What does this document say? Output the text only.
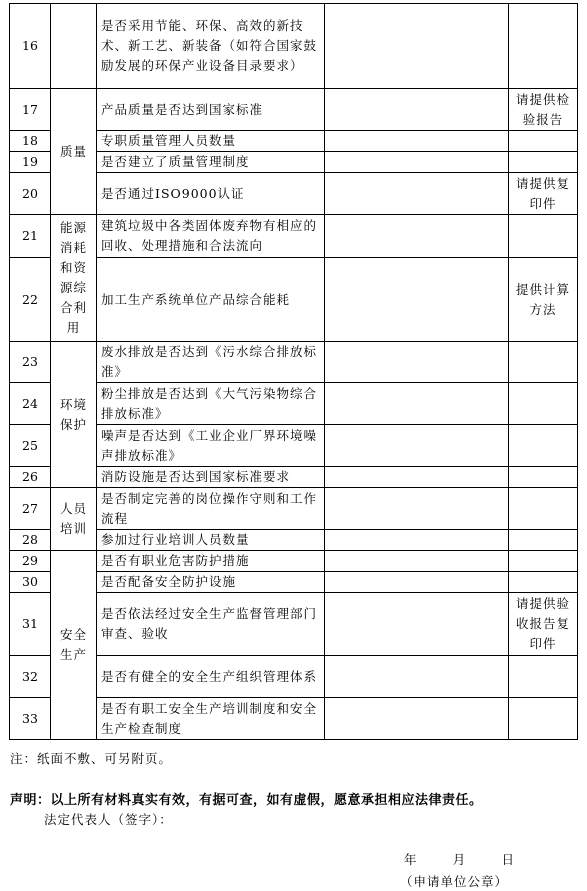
16		是否采用节能、环保、高效的新技术、新工艺、新装备（如符合国家鼓励发展的环保产业设备目录要求）		
17	质量	产品质量是否达到国家标准		请提供检验报告
18		专职质量管理人员数量		
19		是否建立了质量管理制度		
20		是否通过ISO9000认证		请提供复印件
21	能源消耗和资源综合利用	建筑垃圾中各类固体废弃物有相应的回收、处理措施和合法流向		
22		加工生产系统单位产品综合能耗		提供计算方法
23	环境保护	废水排放是否达到《污水综合排放标准》		
24		粉尘排放是否达到《大气污染物综合排放标准》		
25		噪声是否达到《工业企业厂界环境噪声排放标准》		
26		消防设施是否达到国家标准要求		
27	人员培训	是否制定完善的岗位操作守则和工作流程		
28		参加过行业培训人员数量		
29	安全生产	是否有职业危害防护措施		
30		是否配备安全防护设施		
31		是否依法经过安全生产监督管理部门审查、验收		请提供验收报告复印件
32		是否有健全的安全生产组织管理体系		
33		是否有职工安全生产培训制度和安全生产检查制度		
注：纸面不敷、可另附页。
声明：以上所有材料真实有效，有据可查，如有虚假，愿意承担相应法律责任。
法定代表人（签字）：
年	月	日
（申请单位公章）
